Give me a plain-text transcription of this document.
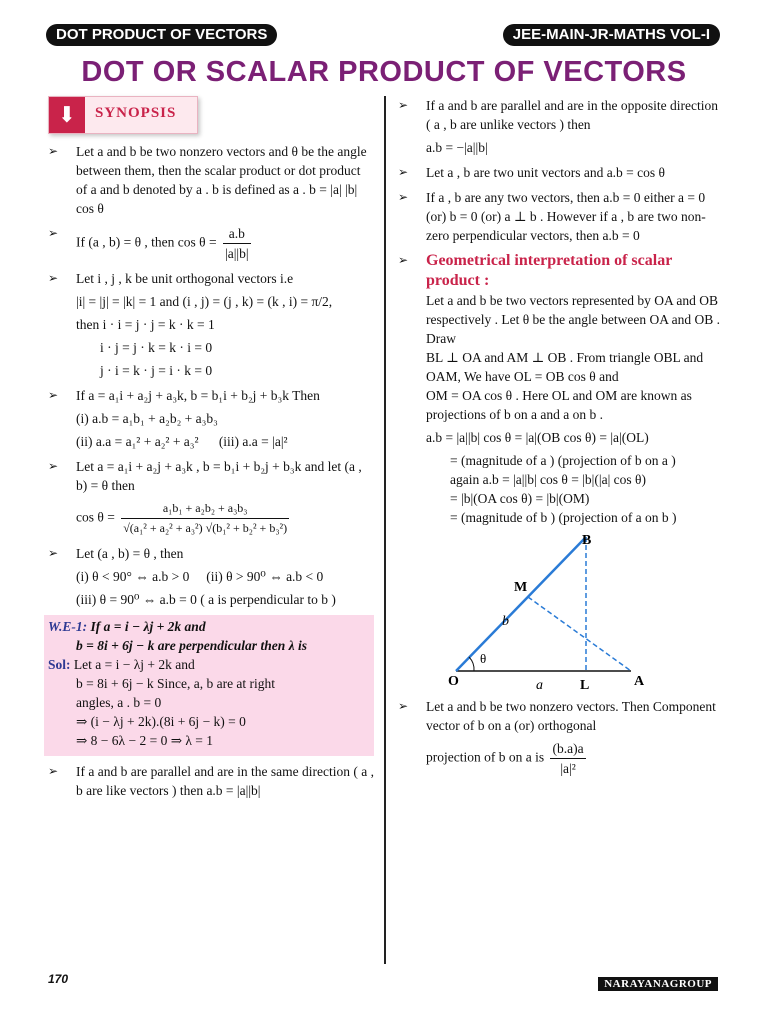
DOT PRODUCT OF VECTORS	JEE-MAIN-JR-MATHS VOL-I
DOT OR SCALAR PRODUCT OF VECTORS
⬇	SYNOPSIS
➢ Let a and b be two nonzero vectors and θ be the angle between them, then the scalar product or dot product of a and b denoted by a . b is defined as a . b = |a| |b| cos θ
➢
If (a , b) = θ , then $\cos \theta = \frac{a.b}{|a||b|}$
➢ Let i , j , k be unit orthogonal vectors i.e
|i| = |j| = |k| = 1 and (i , j) = (j , k) = (k , i) = π/2,
then i · i = j · j = k · k = 1
i · j = j · k = k · i = 0
j · i = k · j = i · k = 0
➢ If a = a₁i + a₂j + a₃k, b = b₁i + b₂j + b₃k Then
(i) a.b = a₁b₁ + a₂b₂ + a₃b₃
(ii) a.a = a₁² + a₂² + a₃² (iii) a.a = |a|²
➢ Let a = a₁i + a₂j + a₃k , b = b₁i + b₂j + b₃k and let (a , b) = θ then
$\cos \theta = \frac{\text{a₁b₁ + a₂b₂ + a₃b₃}}{\text{√(a₁² + a₂² + a₃²) √(b₁² + b₂² + b₃²)}}$
➢ Let (a , b) = θ , then
(i) θ < 90° ⇔ a.b > 0 (ii) θ > 90⁰ ⇔ a.b < 0
(iii) θ = 90⁰ ⇔ a.b = 0 ( a is perpendicular to b )
W.E-1: If a = i − λj + 2k and
b = 8i + 6j − k are perpendicular then λ is
Sol: Let a = i − λj + 2k and
b = 8i + 6j − k Since, a, b are at right
angles, a . b = 0
⇒ (i − λj + 2k).(8i + 6j − k) = 0
⇒ 8 − 6λ − 2 = 0 ⇒ λ = 1
➢ If a and b are parallel and are in the same direction ( a , b are like vectors ) then a.b = |a||b|
➢ If a and b are parallel and are in the opposite direction ( a , b are unlike vectors ) then
a.b = −|a||b|
➢ Let a , b are two unit vectors and a.b = cos θ
➢ If a , b are any two vectors, then a.b = 0 either a = 0 (or) b = 0 (or) a ⊥ b . However if a , b are two non-zero perpendicular vectors, then a.b = 0
➢ Geometrical interpretation of scalar product :
Let a and b be two vectors represented by OA and OB respectively . Let θ be the angle between OA and OB . Draw
BL ⊥ OA and AM ⊥ OB . From triangle OBL and OAM, We have OL = OB cos θ and
OM = OA cos θ . Here OL and OM are known as projections of b on a and a on b .
a.b = |a||b| cos θ = |a|(OB cos θ) = |a|(OL)
= (magnitude of a ) (projection of b on a )
again a.b = |a||b| cos θ = |b|(|a| cos θ)
= |b|(OA cos θ) = |b|(OM)
= (magnitude of b ) (projection of a on b )
O	A
B
M
L
θ
b
a
➢ Let a and b be two nonzero vectors. Then Component vector of b on a (or) orthogonal
projection of b on a is $\frac{(b.a)a}{\text{|a|²}}$
170	NARAYANAGROUP
